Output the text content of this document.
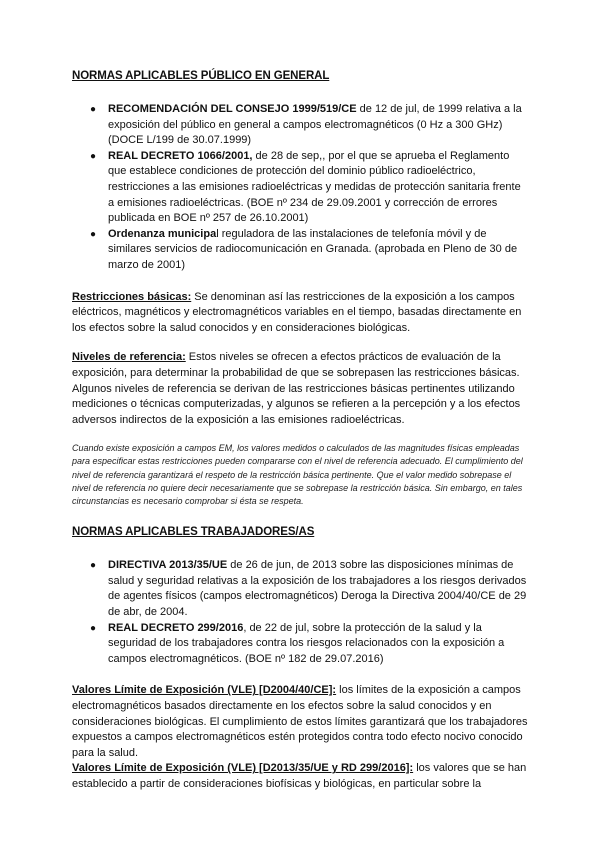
NORMAS APLICABLES PÚBLICO EN GENERAL
● RECOMENDACIÓN DEL CONSEJO 1999/519/CE de 12 de jul, de 1999 relativa a la exposición del público en general a campos electromagnéticos (0 Hz a 300 GHz) (DOCE L/199 de 30.07.1999)
● REAL DECRETO 1066/2001, de 28 de sep,, por el que se aprueba el Reglamento que establece condiciones de protección del dominio público radioeléctrico, restricciones a las emisiones radioeléctricas y medidas de protección sanitaria frente a emisiones radioeléctricas. (BOE nº 234 de 29.09.2001 y corrección de errores publicada en BOE nº 257 de 26.10.2001)
● Ordenanza municipal reguladora de las instalaciones de telefonía móvil y de similares servicios de radiocomunicación en Granada. (aprobada en Pleno de 30 de marzo de 2001)

Restricciones básicas: Se denominan así las restricciones de la exposición a los campos eléctricos, magnéticos y electromagnéticos variables en el tiempo, basadas directamente en los efectos sobre la salud conocidos y en consideraciones biológicas.

Niveles de referencia: Estos niveles se ofrecen a efectos prácticos de evaluación de la exposición, para determinar la probabilidad de que se sobrepasen las restricciones básicas. Algunos niveles de referencia se derivan de las restricciones básicas pertinentes utilizando mediciones o técnicas computerizadas, y algunos se refieren a la percepción y a los efectos adversos indirectos de la exposición a las emisiones radioeléctricas.

Cuando existe exposición a campos EM, los valores medidos o calculados de las magnitudes físicas empleadas para especificar estas restricciones pueden compararse con el nivel de referencia adecuado. El cumplimiento del nivel de referencia garantizará el respeto de la restricción básica pertinente. Que el valor medido sobrepase el nivel de referencia no quiere decir necesariamente que se sobrepase la restricción básica. Sin embargo, en tales circunstancias es necesario comprobar si ésta se respeta.

NORMAS APLICABLES TRABAJADORES/AS
● DIRECTIVA 2013/35/UE de 26 de jun, de 2013 sobre las disposiciones mínimas de salud y seguridad relativas a la exposición de los trabajadores a los riesgos derivados de agentes físicos (campos electromagnéticos) Deroga la Directiva 2004/40/CE de 29 de abr, de 2004.
● REAL DECRETO 299/2016, de 22 de jul, sobre la protección de la salud y la seguridad de los trabajadores contra los riesgos relacionados con la exposición a campos electromagnéticos. (BOE nº 182 de 29.07.2016)

Valores Límite de Exposición (VLE) [D2004/40/CE]: los límites de la exposición a campos electromagnéticos basados directamente en los efectos sobre la salud conocidos y en consideraciones biológicas. El cumplimiento de estos límites garantizará que los trabajadores expuestos a campos electromagnéticos estén protegidos contra todo efecto nocivo conocido para la salud.

Valores Límite de Exposición (VLE) [D2013/35/UE y RD 299/2016]: los valores que se han establecido a partir de consideraciones biofísicas y biológicas, en particular sobre la
